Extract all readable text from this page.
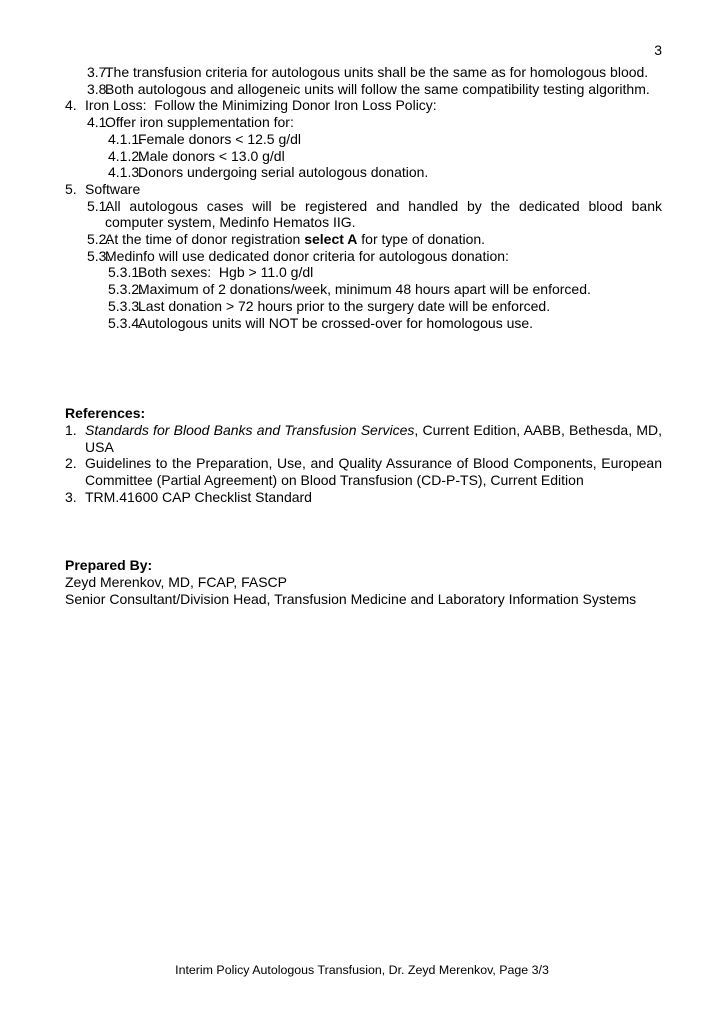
3
3.7.
The transfusion criteria for autologous units shall be the same as for homologous blood.
3.8.
Both autologous and allogeneic units will follow the same compatibility testing algorithm.
4. Iron Loss:  Follow the Minimizing Donor Iron Loss Policy:
4.1.
Offer iron supplementation for:
4.1.1.
Female donors < 12.5 g/dl
4.1.2.
Male donors < 13.0 g/dl
4.1.3.
Donors undergoing serial autologous donation.
5. Software
5.1.
All autologous cases will be registered and handled by the dedicated blood bank computer system, Medinfo Hematos IIG.
5.2.
At the time of donor registration select A for type of donation.
5.3.
Medinfo will use dedicated donor criteria for autologous donation:
5.3.1.
Both sexes:  Hgb > 11.0 g/dl
5.3.2.
Maximum of 2 donations/week, minimum 48 hours apart will be enforced.
5.3.3.
Last donation > 72 hours prior to the surgery date will be enforced.
5.3.4.
Autologous units will NOT be crossed-over for homologous use.
References:
1. Standards for Blood Banks and Transfusion Services, Current Edition, AABB, Bethesda, MD, USA
2. Guidelines to the Preparation, Use, and Quality Assurance of Blood Components, European Committee (Partial Agreement) on Blood Transfusion (CD-P-TS), Current Edition
3. TRM.41600 CAP Checklist Standard
Prepared By:
Zeyd Merenkov, MD, FCAP, FASCP
Senior Consultant/Division Head, Transfusion Medicine and Laboratory Information Systems
Interim Policy Autologous Transfusion, Dr. Zeyd Merenkov, Page 3/3
